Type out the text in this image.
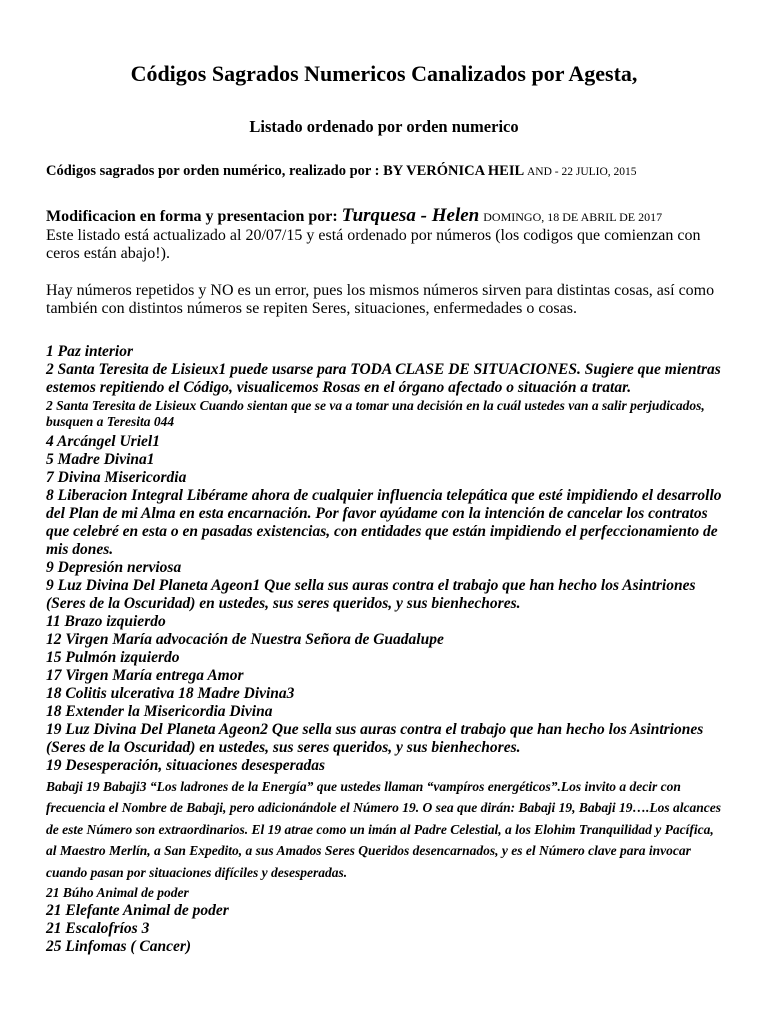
Códigos Sagrados Numericos Canalizados por Agesta,

Listado ordenado por orden numerico

Códigos sagrados por orden numérico, realizado por : BY VERÓNICA HEIL AND - 22 JULIO, 2015

Modificacion en forma y presentacion por: Turquesa - Helen DOMINGO, 18 DE ABRIL DE 2017
Este listado está actualizado al 20/07/15 y está ordenado por números (los codigos que comienzan con ceros están abajo!).

Hay números repetidos y NO es un error, pues los mismos números sirven para distintas cosas, así como también con distintos números se repiten Seres, situaciones, enfermedades o cosas.

1 Paz interior

2 Santa Teresita de Lisieux1 puede usarse para TODA CLASE DE SITUACIONES. Sugiere que mientras estemos repitiendo el Código, visualicemos Rosas en el órgano afectado o situación a tratar.

2 Santa Teresita de Lisieux Cuando sientan que se va a tomar una decisión en la cuál ustedes van a salir perjudicados, busquen a Teresita 044

4 Arcángel Uriel1

5 Madre Divina1

7 Divina Misericordia

8 Liberacion Integral Libérame ahora de cualquier influencia telepática que esté impidiendo el desarrollo del Plan de mi Alma en esta encarnación. Por favor ayúdame con la intención de cancelar los contratos que celebré en esta o en pasadas existencias, con entidades que están impidiendo el perfeccionamiento de mis dones.

9 Depresión nerviosa

9 Luz Divina Del Planeta Ageon1 Que sella sus auras contra el trabajo que han hecho los Asintriones (Seres de la Oscuridad) en ustedes, sus seres queridos, y sus bienhechores.

11 Brazo izquierdo

12 Virgen María advocación de Nuestra Señora de Guadalupe

15 Pulmón izquierdo

17 Virgen María entrega Amor

18 Colitis ulcerativa 18 Madre Divina3

18 Extender la Misericordia Divina

19 Luz Divina Del Planeta Ageon2 Que sella sus auras contra el trabajo que han hecho los Asintriones (Seres de la Oscuridad) en ustedes, sus seres queridos, y sus bienhechores.

19 Desesperación, situaciones desesperadas

Babaji 19 Babaji3 “Los ladrones de la Energía” que ustedes llaman “vampíros energéticos”.Los invito a decir con frecuencia el Nombre de Babaji, pero adicionándole el Número 19. O sea que dirán: Babaji 19, Babaji 19….Los alcances de este Número son extraordinarios. El 19 atrae como un imán al Padre Celestial, a los Elohim Tranquilidad y Pacífica, al Maestro Merlín, a San Expedito, a sus Amados Seres Queridos desencarnados, y es el Número clave para invocar cuando pasan por situaciones difíciles y desesperadas.

21 Búho Animal de poder

21 Elefante Animal de poder

21 Escalofríos 3

25 Linfomas ( Cancer)
